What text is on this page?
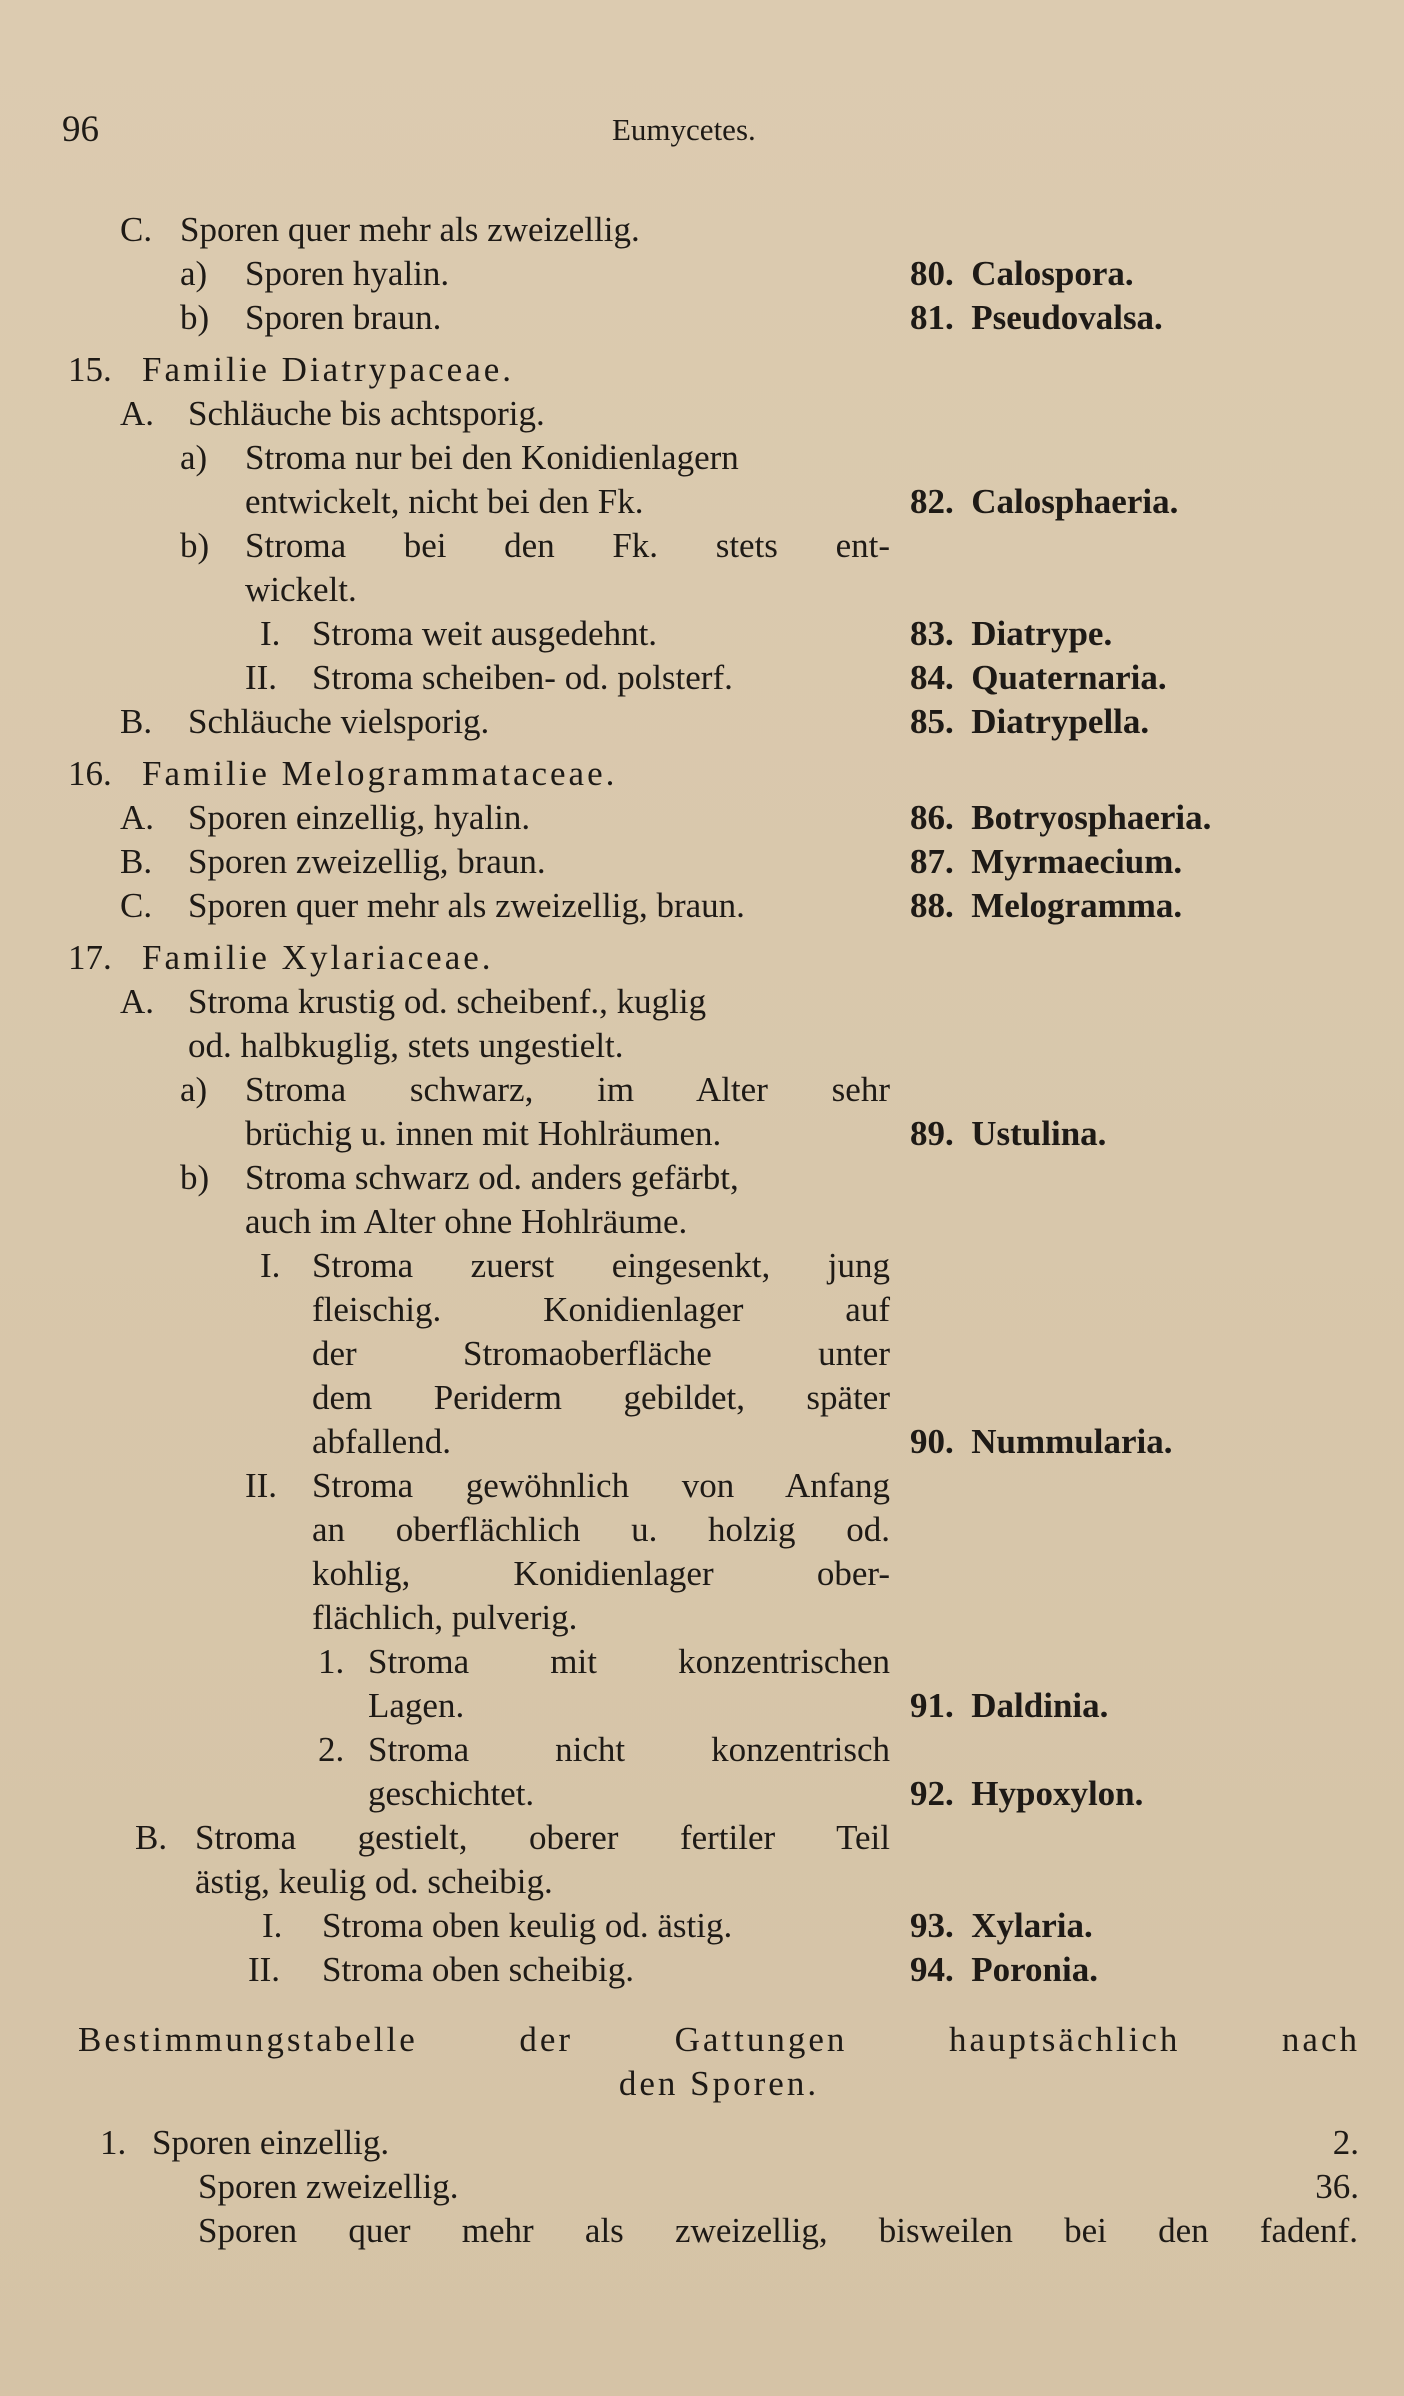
96	Eumycetes.
C. Sporen quer mehr als zweizellig.
a) Sporen hyalin.	80.  Calospora.
b) Sporen braun.	81.  Pseudovalsa.
15. Familie Diatrypaceae.
A. Schläuche bis achtsporig.
a) Stroma nur bei den Konidienlagern
entwickelt, nicht bei den Fk.	82.  Calosphaeria.
b) Stroma bei den Fk. stets ent-
wickelt.
I. Stroma weit ausgedehnt.	83.  Diatrype.
II. Stroma scheiben- od. polsterf.	84.  Quaternaria.
B. Schläuche vielsporig.	85.  Diatrypella.
16. Familie Melogrammataceae.
A. Sporen einzellig, hyalin.	86.  Botryosphaeria.
B. Sporen zweizellig, braun.	87.  Myrmaecium.
C. Sporen quer mehr als zweizellig, braun.	88.  Melogramma.
17. Familie Xylariaceae.
A. Stroma krustig od. scheibenf., kuglig
od. halbkuglig, stets ungestielt.
a) Stroma schwarz, im Alter sehr
brüchig u. innen mit Hohlräumen.	89.  Ustulina.
b) Stroma schwarz od. anders gefärbt,
auch im Alter ohne Hohlräume.
I. Stroma zuerst eingesenkt, jung
fleischig. Konidienlager auf
der Stromaoberfläche unter
dem Periderm gebildet, später
abfallend.	90.  Nummularia.
II. Stroma gewöhnlich von Anfang
an oberflächlich u. holzig od.
kohlig, Konidienlager ober-
flächlich, pulverig.
1. Stroma mit konzentrischen
Lagen.	91.  Daldinia.
2. Stroma nicht konzentrisch
geschichtet.	92.  Hypoxylon.
B. Stroma gestielt, oberer fertiler Teil
ästig, keulig od. scheibig.
I. Stroma oben keulig od. ästig.	93.  Xylaria.
II. Stroma oben scheibig.	94.  Poronia.
Bestimmungstabelle der Gattungen hauptsächlich nach
den Sporen.
1. Sporen einzellig.	2.
Sporen zweizellig.	36.
Sporen quer mehr als zweizellig, bisweilen bei den fadenf.
